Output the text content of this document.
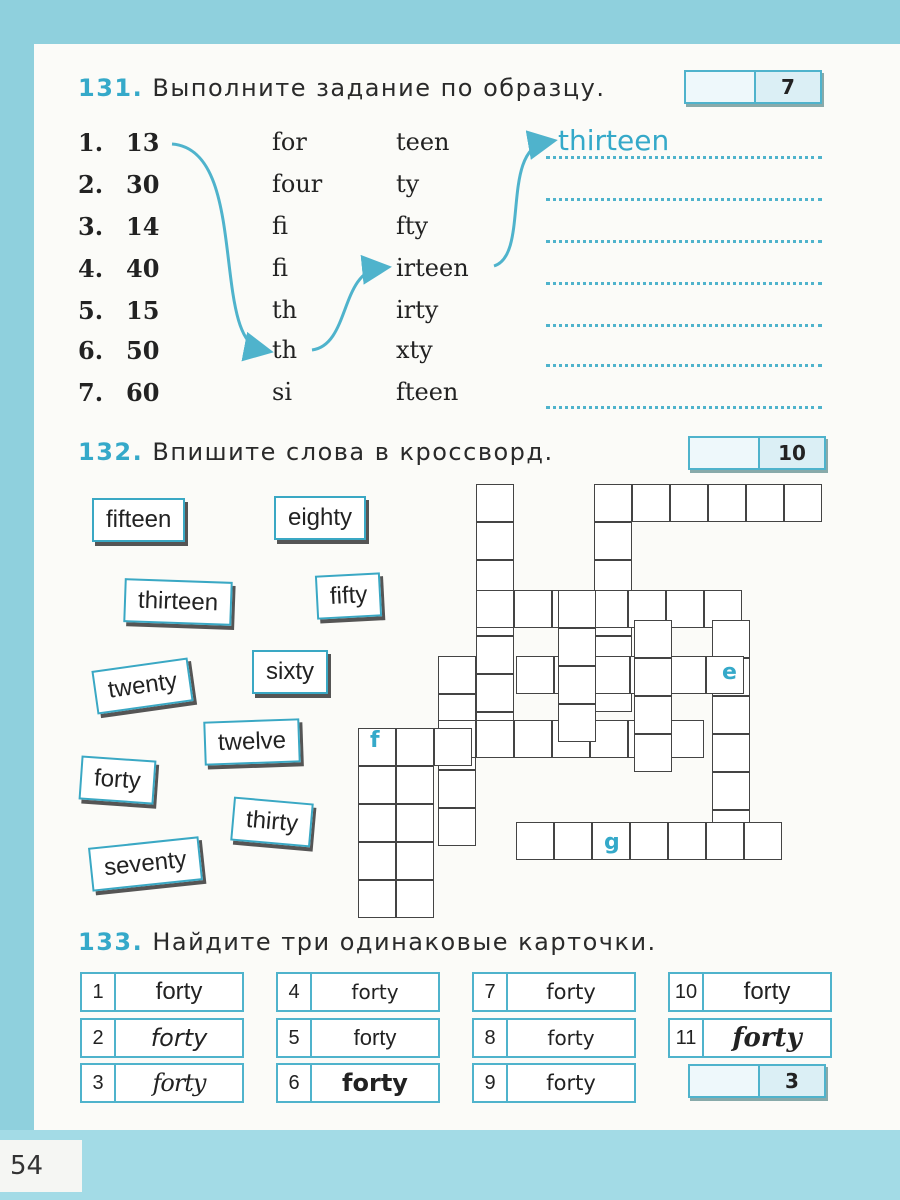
54
131. Выполните задание по образцу.	7
1. 13	for	teen
2. 30	four	ty
3. 14	fi	fty
4. 40	fi	irteen
5. 15	th	irty
6. 50	th	xty
7. 60	si	fteen
thirteen
132. Впишите слова в кроссворд.	10
fifteen	eighty
thirteen	fifty
twenty	sixty
twelve
forty
thirty
seventy
e
f
g
133. Найдите три одинаковые карточки.
1	forty
2	forty
3	forty
4	forty
5	forty
6	forty
7	forty
8	forty
9	forty
10	forty
11	forty
3
